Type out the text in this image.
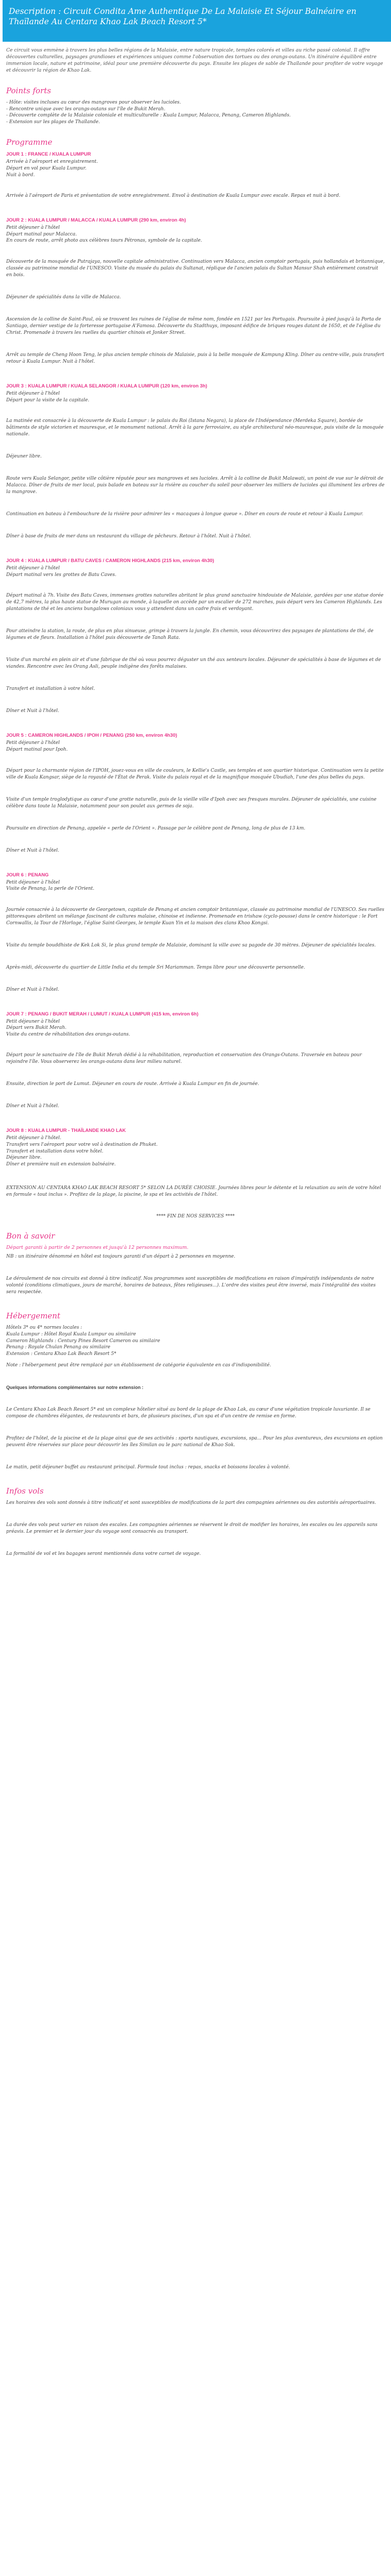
Description : Circuit Condita Ame Authentique De La Malaisie Et Séjour Balnéaire en Thaïlande Au Centara Khao Lak Beach Resort 5*

Ce circuit vous emmène à travers les plus belles régions de la Malaisie, entre nature tropicale, temples colorés et villes au riche passé colonial. Il offre découvertes culturelles, paysages grandioses et expériences uniques comme l'observation des tortues ou des orangs-outans. Un itinéraire équilibré entre immersion locale, nature et patrimoine, idéal pour une première découverte du pays. Ensuite les plages de sable de Thaïlande pour profiter de votre voyage et découvrir la région de Khao Lak.

Points forts
- Hôte: visites incluses au cœur des mangroves pour observer les lucioles.
- Rencontre unique avec les orangs-outans sur l'île de Bukit Merah.
- Découverte complète de la Malaisie coloniale et multiculturelle : Kuala Lumpur, Malacca, Penang, Cameron Highlands.
- Extension sur les plages de Thaïlande.
Programme
JOUR 1 : FRANCE / KUALA LUMPUR
Arrivée à l'aéroport et enregistrement.
Départ en vol pour Kuala Lumpur.
Nuit à bord.

Arrivée à l'aéroport de Paris et présentation de votre enregistrement. Envol à destination de Kuala Lumpur avec escale. Repas et nuit à bord.

JOUR 2 : KUALA LUMPUR / MALACCA / KUALA LUMPUR (290 km, environ 4h)
Petit déjeuner à l'hôtel
Départ matinal pour Malacca.
En cours de route, arrêt photo aux célèbres tours Pétronas, symbole de la capitale.

Découverte de la mosquée de Putrajaya, nouvelle capitale administrative. Continuation vers Malacca, ancien comptoir portugais, puis hollandais et britannique, classée au patrimoine mondial de l'UNESCO. Visite du musée du palais du Sultanat, réplique de l'ancien palais du Sultan Mansur Shah entièrement construit en bois.

Déjeuner de spécialités dans la ville de Malacca.

Ascension de la colline de Saint-Paul, où se trouvent les ruines de l'église de même nom, fondée en 1521 par les Portugais. Poursuite à pied jusqu'à la Porta de Santiago, dernier vestige de la forteresse portugaise A'Famosa. Découverte du Stadthuys, imposant édifice de briques rouges datant de 1650, et de l'église du Christ. Promenade à travers les ruelles du quartier chinois et Jonker Street.

Arrêt au temple de Cheng Hoon Teng, le plus ancien temple chinois de Malaisie, puis à la belle mosquée de Kampung Kling. Dîner au centre-ville, puis transfert retour à Kuala Lumpur. Nuit à l'hôtel.

JOUR 3 : KUALA LUMPUR / KUALA SELANGOR / KUALA LUMPUR (120 km, environ 3h)
Petit déjeuner à l'hôtel
Départ pour la visite de la capitale.

La matinée est consacrée à la découverte de Kuala Lumpur : le palais du Roi (Istana Negara), la place de l'Indépendance (Merdeka Square), bordée de bâtiments de style victorien et mauresque, et le monument national. Arrêt à la gare ferroviaire, au style architectural néo-mauresque, puis visite de la mosquée nationale.

Déjeuner libre.

Route vers Kuala Selangor, petite ville côtière réputée pour ses mangroves et ses lucioles. Arrêt à la colline de Bukit Malawati, un point de vue sur le détroit de Malacca. Dîner de fruits de mer local, puis balade en bateau sur la rivière au coucher du soleil pour observer les milliers de lucioles qui illuminent les arbres de la mangrove.

Continuation en bateau à l'embouchure de la rivière pour admirer les « macaques à longue queue ». Dîner en cours de route et retour à Kuala Lumpur.

Dîner à base de fruits de mer dans un restaurant du village de pêcheurs. Retour à l'hôtel. Nuit à l'hôtel.

JOUR 4 : KUALA LUMPUR / BATU CAVES / CAMERON HIGHLANDS (215 km, environ 4h30)
Petit déjeuner à l'hôtel
Départ matinal vers les grottes de Batu Caves.

Départ matinal à 7h. Visite des Batu Caves, immenses grottes naturelles abritant le plus grand sanctuaire hindouiste de Malaisie, gardées par une statue dorée de 42,7 mètres, la plus haute statue de Murugan au monde, à laquelle on accède par un escalier de 272 marches, puis départ vers les Cameron Highlands. Les plantations de thé et les anciens bungalows coloniaux vous y attendent dans un cadre frais et verdoyant.

Pour atteindre la station, la route, de plus en plus sinueuse, grimpe à travers la jungle. En chemin, vous découvrirez des paysages de plantations de thé, de légumes et de fleurs. Installation à l'hôtel puis découverte de Tanah Rata.

Visite d'un marché en plein air et d'une fabrique de thé où vous pourrez déguster un thé aux senteurs locales. Déjeuner de spécialités à base de légumes et de viandes. Rencontre avec les Orang Asli, peuple indigène des forêts malaises.

Transfert et installation à votre hôtel.

Dîner et Nuit à l'hôtel.

JOUR 5 : CAMERON HIGHLANDS / IPOH / PENANG (250 km, environ 4h30)
Petit déjeuner à l'hôtel
Départ matinal pour Ipoh.

Départ pour la charmante région de l'IPOH, jouez-vous en ville de couleurs, le Kellie's Castle, ses temples et son quartier historique. Continuation vers la petite ville de Kuala Kangsar, siège de la royauté de l'État de Perak. Visite du palais royal et de la magnifique mosquée Ubudiah, l'une des plus belles du pays.

Visite d'un temple troglodytique au cœur d'une grotte naturelle, puis de la vieille ville d'Ipoh avec ses fresques murales. Déjeuner de spécialités, une cuisine célèbre dans toute la Malaisie, notamment pour son poulet aux germes de soja.

Poursuite en direction de Penang, appelée « perle de l'Orient ». Passage par le célèbre pont de Penang, long de plus de 13 km.

Dîner et Nuit à l'hôtel.

JOUR 6 : PENANG
Petit déjeuner à l'hôtel
Visite de Penang, la perle de l'Orient.

Journée consacrée à la découverte de Georgetown, capitale de Penang et ancien comptoir britannique, classée au patrimoine mondial de l'UNESCO. Ses ruelles pittoresques abritent un mélange fascinant de cultures malaise, chinoise et indienne. Promenade en trishaw (cyclo-pousse) dans le centre historique : le Fort Cornwallis, la Tour de l'Horloge, l'église Saint-Georges, le temple Kuan Yin et la maison des clans Khoo Kongsi.

Visite du temple bouddhiste de Kek Lok Si, le plus grand temple de Malaisie, dominant la ville avec sa pagode de 30 mètres. Déjeuner de spécialités locales.

Après-midi, découverte du quartier de Little India et du temple Sri Mariamman. Temps libre pour une découverte personnelle.

Dîner et Nuit à l'hôtel.

JOUR 7 : PENANG / BUKIT MERAH / LUMUT / KUALA LUMPUR (415 km, environ 6h)
Petit déjeuner à l'hôtel
Départ vers Bukit Merah.
Visite du centre de réhabilitation des orangs-outans.

Départ pour le sanctuaire de l'île de Bukit Merah dédié à la réhabilitation, reproduction et conservation des Orangs-Outans. Traversée en bateau pour rejoindre l'île. Vous observerez les orangs-outans dans leur milieu naturel.

Ensuite, direction le port de Lumut. Déjeuner en cours de route. Arrivée à Kuala Lumpur en fin de journée.

Dîner et Nuit à l'hôtel.

JOUR 8 : KUALA LUMPUR - THAÏLANDE KHAO LAK
Petit déjeuner à l'hôtel.
Transfert vers l'aéroport pour votre vol à destination de Phuket.
Transfert et installation dans votre hôtel.
Déjeuner libre.
Dîner et première nuit en extension balnéaire.
EXTENSION AU CENTARA KHAO LAK BEACH RESORT 5* SELON LA DURÉE CHOISIE. Journées libres pour le détente et la relaxation au sein de votre hôtel en formule « tout inclus ». Profitez de la plage, la piscine, le spa et les activités de l'hôtel.
**** FIN DE NOS SERVICES ****
Bon à savoir
Départ garanti à partir de 2 personnes et jusqu'à 12 personnes maximum.
NB : un itinéraire dénommé en hôtel est toujours garanti d'un départ à 2 personnes en moyenne.
Le déroulement de nos circuits est donné à titre indicatif. Nos programmes sont susceptibles de modifications en raison d'impératifs indépendants de notre volonté (conditions climatiques, jours de marché, horaires de bateaux, fêtes religieuses...). L'ordre des visites peut être inversé, mais l'intégralité des visites sera respectée.
Hébergement
Hôtels 3* ou 4* normes locales :
Kuala Lumpur : Hôtel Royal Kuala Lumpur ou similaire
Cameron Highlands : Century Pines Resort Cameron ou similaire
Penang : Royale Chulan Penang ou similaire
Extension : Centara Khao Lak Beach Resort 5*
Note : l'hébergement peut être remplacé par un établissement de catégorie équivalente en cas d'indisponibilité.
Quelques informations complémentaires sur notre extension :
Le Centara Khao Lak Beach Resort 5* est un complexe hôtelier situé au bord de la plage de Khao Lak, au cœur d'une végétation tropicale luxuriante. Il se compose de chambres élégantes, de restaurants et bars, de plusieurs piscines, d'un spa et d'un centre de remise en forme.
Profitez de l'hôtel, de la piscine et de la plage ainsi que de ses activités : sports nautiques, excursions, spa... Pour les plus aventureux, des excursions en option peuvent être réservées sur place pour découvrir les îles Similan ou le parc national de Khao Sok.
Le matin, petit déjeuner buffet au restaurant principal. Formule tout inclus : repas, snacks et boissons locales à volonté.
Infos vols
Les horaires des vols sont donnés à titre indicatif et sont susceptibles de modifications de la part des compagnies aériennes ou des autorités aéroportuaires.
La durée des vols peut varier en raison des escales. Les compagnies aériennes se réservent le droit de modifier les horaires, les escales ou les appareils sans préavis. Le premier et le dernier jour du voyage sont consacrés au transport.
La formalité de vol et les bagages seront mentionnés dans votre carnet de voyage.
